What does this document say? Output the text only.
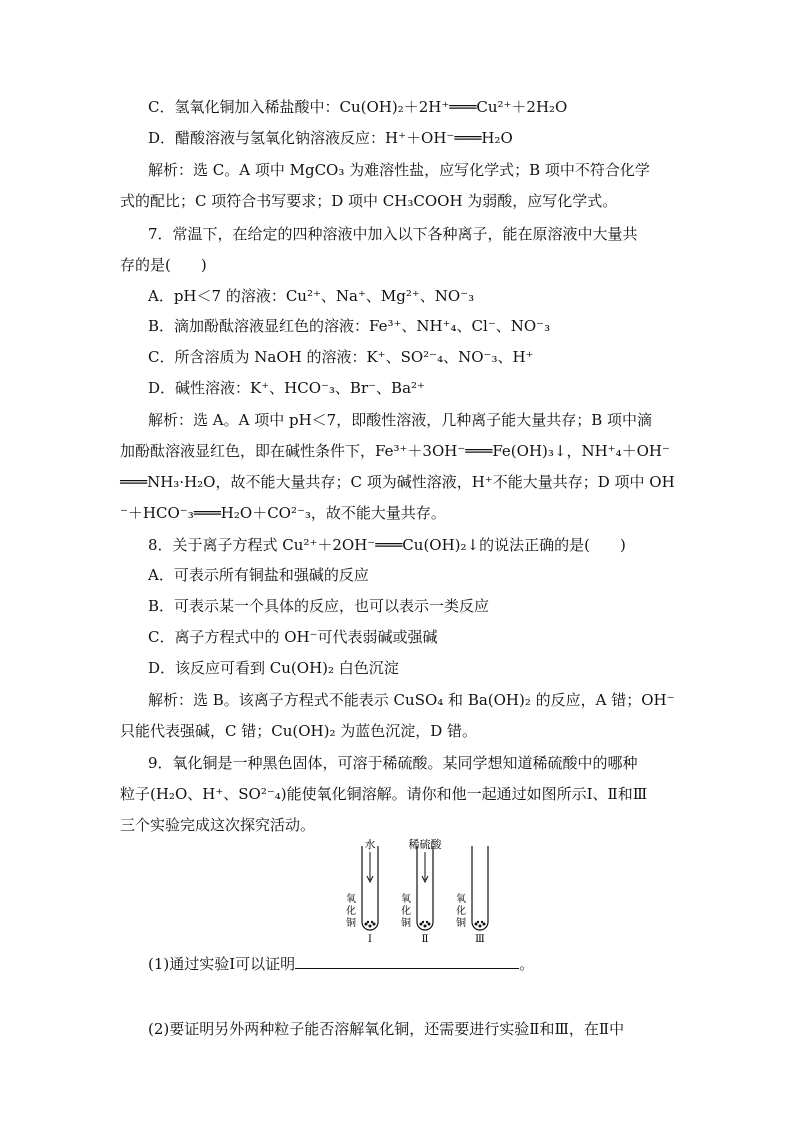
C．氢氧化铜加入稀盐酸中：Cu(OH)₂＋2H⁺═══Cu²⁺＋2H₂O
D．醋酸溶液与氢氧化钠溶液反应：H⁺＋OH⁻═══H₂O
解析：选 C。A 项中 MgCO₃ 为难溶性盐，应写化学式；B 项中不符合化学
式的配比；C 项符合书写要求；D 项中 CH₃COOH 为弱酸，应写化学式。
7．常温下，在给定的四种溶液中加入以下各种离子，能在原溶液中大量共
存的是(　　)
A．pH＜7 的溶液：Cu²⁺、Na⁺、Mg²⁺、NO⁻₃
B．滴加酚酞溶液显红色的溶液：Fe³⁺、NH⁺₄、Cl⁻、NO⁻₃
C．所含溶质为 NaOH 的溶液：K⁺、SO²⁻₄、NO⁻₃、H⁺
D．碱性溶液：K⁺、HCO⁻₃、Br⁻、Ba²⁺
解析：选 A。A 项中 pH＜7，即酸性溶液，几种离子能大量共存；B 项中滴
加酚酞溶液显红色，即在碱性条件下，Fe³⁺＋3OH⁻═══Fe(OH)₃↓，NH⁺₄＋OH⁻
═══NH₃·H₂O，故不能大量共存；C 项为碱性溶液，H⁺不能大量共存；D 项中 OH
⁻＋HCO⁻₃═══H₂O＋CO²⁻₃，故不能大量共存。
8．关于离子方程式 Cu²⁺＋2OH⁻═══Cu(OH)₂↓的说法正确的是(　　)
A．可表示所有铜盐和强碱的反应
B．可表示某一个具体的反应，也可以表示一类反应
C．离子方程式中的 OH⁻可代表弱碱或强碱
D．该反应可看到 Cu(OH)₂ 白色沉淀
解析：选 B。该离子方程式不能表示 CuSO₄ 和 Ba(OH)₂ 的反应，A 错；OH⁻
只能代表强碱，C 错；Cu(OH)₂ 为蓝色沉淀，D 错。
9．氧化铜是一种黑色固体，可溶于稀硫酸。某同学想知道稀硫酸中的哪种
粒子(H₂O、H⁺、SO²⁻₄)能使氧化铜溶解。请你和他一起通过如图所示Ⅰ、Ⅱ和Ⅲ
三个实验完成这次探究活动。
(2)要证明另外两种粒子能否溶解氧化铜，还需要进行实验Ⅱ和Ⅲ，在Ⅱ中
水
氧
化
铜
Ⅰ
稀硫酸
氧
化
铜
Ⅱ
氧
化
铜
Ⅲ
(1)通过实验Ⅰ可以证明	。
